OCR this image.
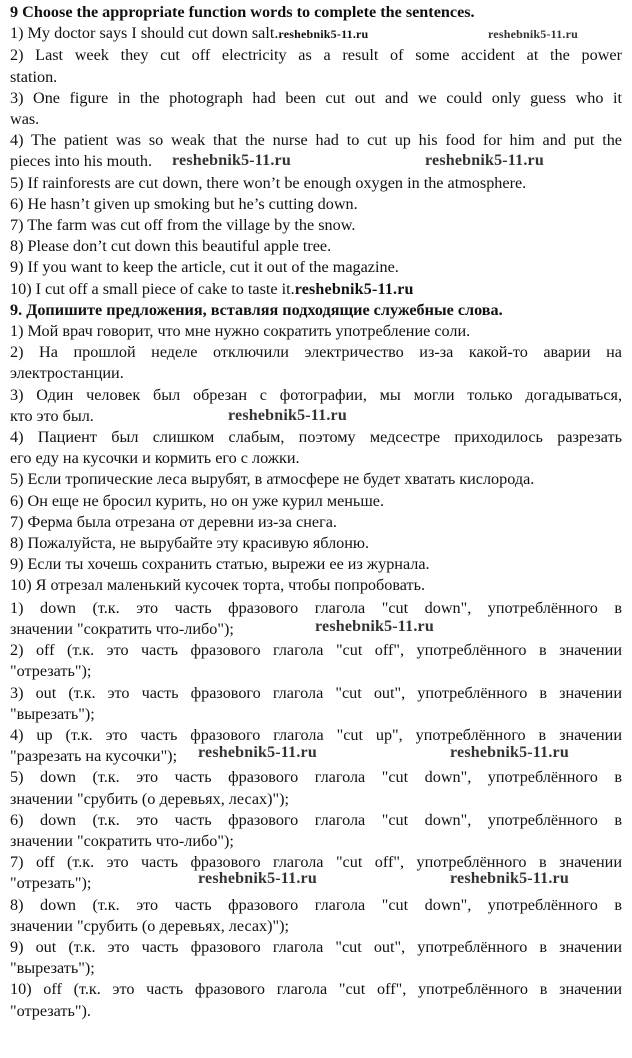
9 Choose the appropriate function words to complete the sentences.
1) My doctor says I should cut down salt.reshebnik5-11.ru
2) Last week they cut off electricity as a result of some accident at the power
station.
3) One figure in the photograph had been cut out and we could only guess who it
was.
4) The patient was so weak that the nurse had to cut up his food for him and put the
pieces into his mouth.
5) If rainforests are cut down, there won’t be enough oxygen in the atmosphere.
6) He hasn’t given up smoking but he’s cutting down.
7) The farm was cut off from the village by the snow.
8) Please don’t cut down this beautiful apple tree.
9) If you want to keep the article, cut it out of the magazine.
10) I cut off a small piece of cake to taste it.reshebnik5-11.ru
9. Допишите предложения, вставляя подходящие служебные слова.
1) Мой врач говорит, что мне нужно сократить употребление соли.
2) На прошлой неделе отключили электричество из-за какой-то аварии на
электростанции.
3) Один человек был обрезан с фотографии, мы могли только догадываться,
кто это был.
4) Пациент был слишком слабым, поэтому медсестре приходилось разрезать
его еду на кусочки и кормить его с ложки.
5) Если тропические леса вырубят, в атмосфере не будет хватать кислорода.
6) Он еще не бросил курить, но он уже курил меньше.
7) Ферма была отрезана от деревни из-за снега.
8) Пожалуйста, не вырубайте эту красивую яблоню.
9) Если ты хочешь сохранить статью, вырежи ее из журнала.
10) Я отрезал маленький кусочек торта, чтобы попробовать.
1) down (т.к. это часть фразового глагола "cut down", употреблённого в
значении "сократить что-либо");
2) off (т.к. это часть фразового глагола "cut off", употреблённого в значении
"отрезать");
3) out (т.к. это часть фразового глагола "cut out", употреблённого в значении
"вырезать");
4) up (т.к. это часть фразового глагола "cut up", употреблённого в значении
"разрезать на кусочки");
5) down (т.к. это часть фразового глагола "cut down", употреблённого в
значении "срубить (о деревьях, лесах)");
6) down (т.к. это часть фразового глагола "cut down", употреблённого в
значении "сократить что-либо");
7) off (т.к. это часть фразового глагола "cut off", употреблённого в значении
"отрезать");
8) down (т.к. это часть фразового глагола "cut down", употреблённого в
значении "срубить (о деревьях, лесах)");
9) out (т.к. это часть фразового глагола "cut out", употреблённого в значении
"вырезать");
10) off (т.к. это часть фразового глагола "cut off", употреблённого в значении
"отрезать").
reshebnik5-11.ru
reshebnik5-11.ru	reshebnik5-11.ru
reshebnik5-11.ru
reshebnik5-11.ru
reshebnik5-11.ru	reshebnik5-11.ru
reshebnik5-11.ru	reshebnik5-11.ru
